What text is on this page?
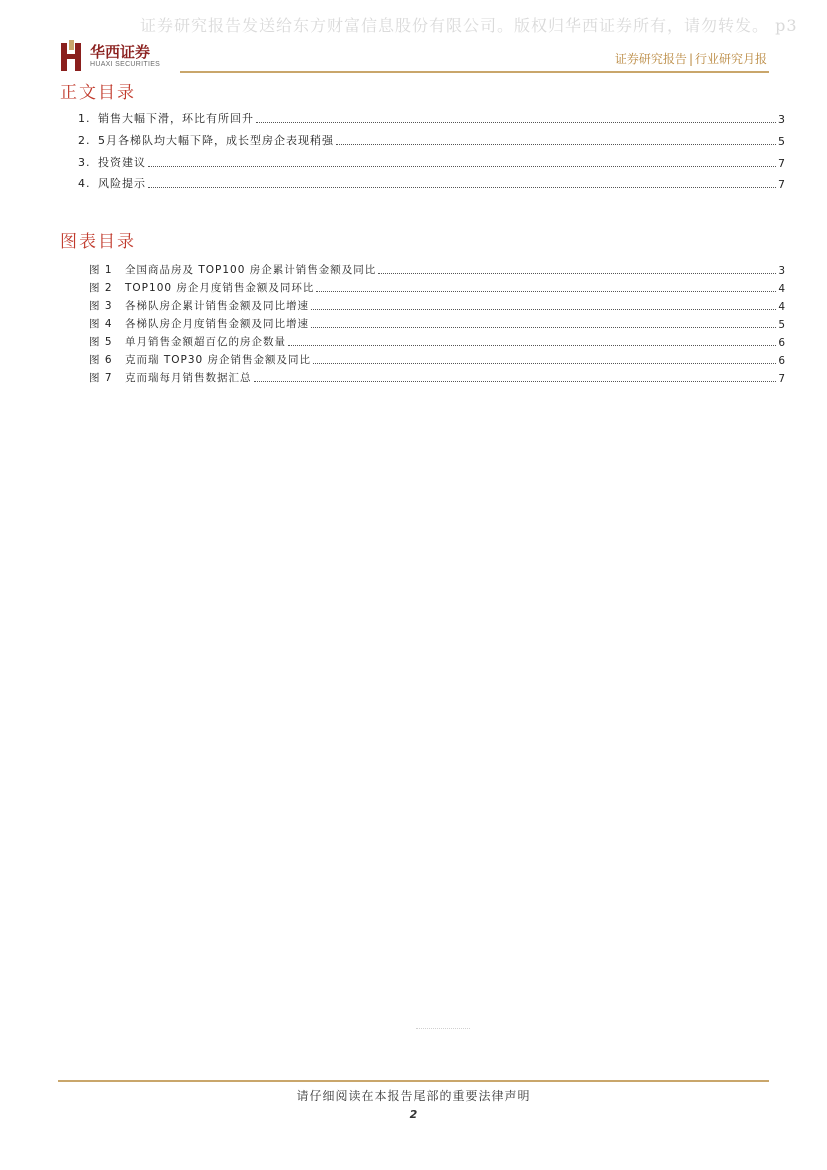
证券研究报告发送给东方财富信息股份有限公司。版权归华西证券所有，请勿转发。 p3
华西证券
HUAXI SECURITIES	证券研究报告 | 行业研究月报
正文目录
1. 销售大幅下滑，环比有所回升	3
2. 5月各梯队均大幅下降，成长型房企表现稍强	5
3. 投资建议	7
4. 风险提示	7
图表目录
图 1 全国商品房及 TOP100 房企累计销售金额及同比	3
图 2 TOP100 房企月度销售金额及同环比	4
图 3 各梯队房企累计销售金额及同比增速	4
图 4 各梯队房企月度销售金额及同比增速	5
图 5 单月销售金额超百亿的房企数量	6
图 6 克而瑞 TOP30 房企销售金额及同比	6
图 7 克而瑞每月销售数据汇总	7
请仔细阅读在本报告尾部的重要法律声明
2
